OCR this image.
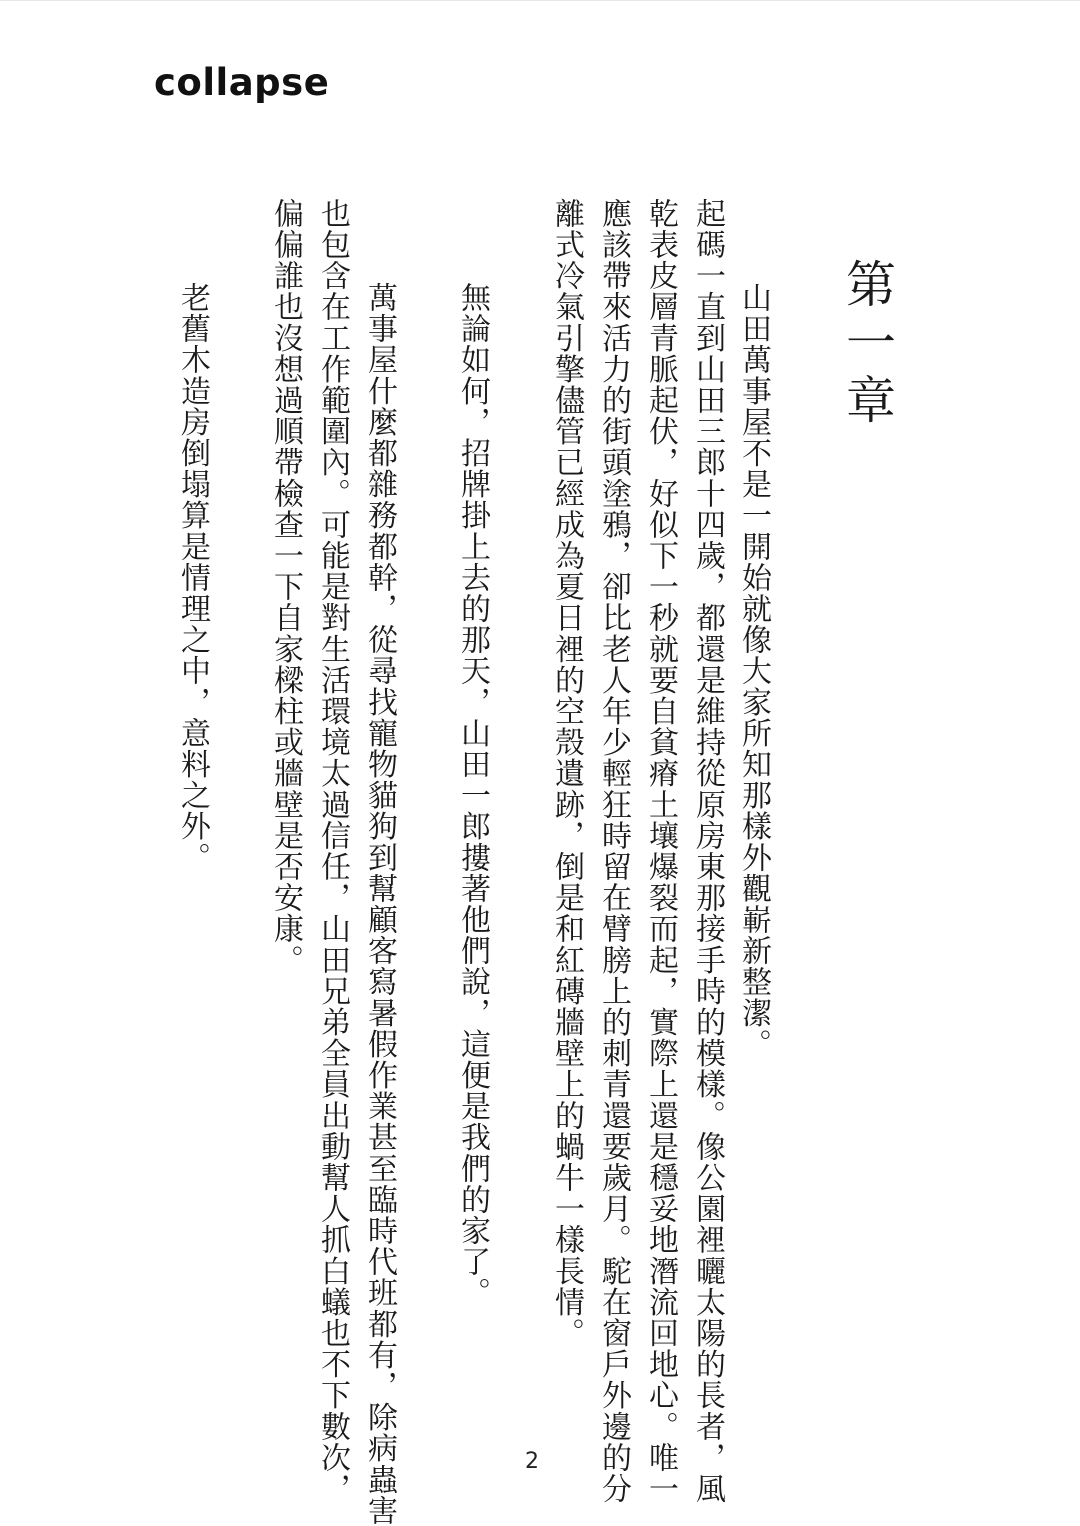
collapse
第一章
　山田萬事屋不是一開始就像大家所知那樣外觀嶄新整潔。
起碼一直到山田三郎十四歲，都還是維持從原房東那接手時的模樣。像公園裡曬太陽的長者，風
乾表皮層青脈起伏，好似下一秒就要自貧瘠土壤爆裂而起，實際上還是穩妥地潛流回地心。唯一
應該帶來活力的街頭塗鴉，卻比老人年少輕狂時留在臂膀上的刺青還要歲月。駝在窗戶外邊的分
離式冷氣引擎儘管已經成為夏日裡的空殼遺跡，倒是和紅磚牆壁上的蝸牛一樣長情。
　無論如何，招牌掛上去的那天，山田一郎摟著他們說，這便是我們的家了。
　萬事屋什麼都雜務都幹，從尋找寵物貓狗到幫顧客寫暑假作業甚至臨時代班都有，除病蟲害
也包含在工作範圍內。可能是對生活環境太過信任，山田兄弟全員出動幫人抓白蟻也不下數次，
偏偏誰也沒想過順帶檢查一下自家樑柱或牆壁是否安康。
　老舊木造房倒塌算是情理之中，意料之外。
2
